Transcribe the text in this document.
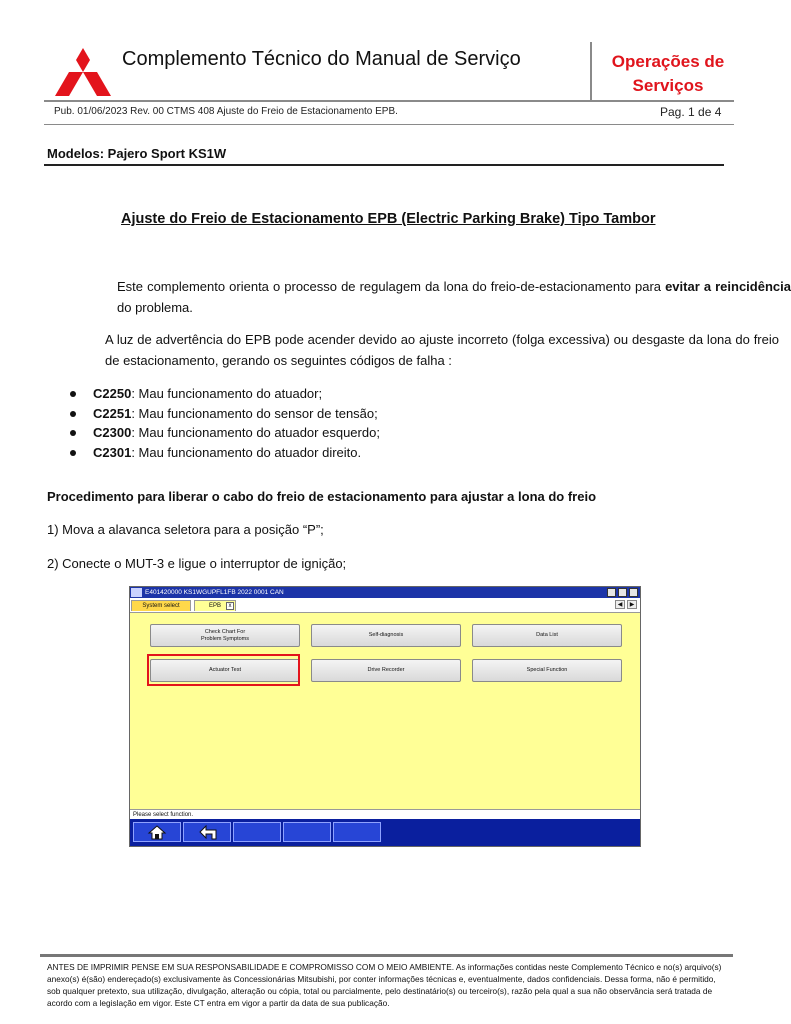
Complemento Técnico do Manual de Serviço	Operações de
Serviços
Pub. 01/06/2023 Rev. 00 CTMS 408 Ajuste do Freio de Estacionamento EPB.	Pag. 1 de 4
Modelos: Pajero Sport KS1W
Ajuste do Freio de Estacionamento EPB (Electric Parking Brake) Tipo Tambor
Este complemento orienta o processo de regulagem da lona do freio-de-estacionamento para evitar a reincidência do problema.
A luz de advertência do EPB pode acender devido ao ajuste incorreto (folga excessiva) ou desgaste da lona do freio de estacionamento, gerando os seguintes códigos de falha :
C2250: Mau funcionamento do atuador;
C2251: Mau funcionamento do sensor de tensão;
C2300: Mau funcionamento do atuador esquerdo;
C2301: Mau funcionamento do atuador direito.
Procedimento para liberar o cabo do freio de estacionamento para ajustar a lona do freio
1) Mova a alavanca seletora para a posição “P”;
2) Conecte o MUT-3 e ligue o interruptor de ignição;
E401420000 KS1WGUPFL1FB 2022 0001 CAN
System select	EPB	x	◀	▶
Check Chart For Problem Symptoms
Self-diagnosis	Data List
Actuator Test	Drive Recorder	Special Function
Please select function.
ANTES DE IMPRIMIR PENSE EM SUA RESPONSABILIDADE E COMPROMISSO COM O MEIO AMBIENTE. As informações contidas neste Complemento Técnico e no(s) arquivo(s) anexo(s) é(são) endereçado(s) exclusivamente às Concessionárias Mitsubishi, por conter informações técnicas e, eventualmente, dados confidenciais. Dessa forma, não é permitido, sob qualquer pretexto, sua utilização, divulgação, alteração ou cópia, total ou parcialmente, pelo destinatário(s) ou terceiro(s), razão pela qual a sua não observância será tratada de acordo com a legislação em vigor. Este CT entra em vigor a partir da data de sua publicação.
